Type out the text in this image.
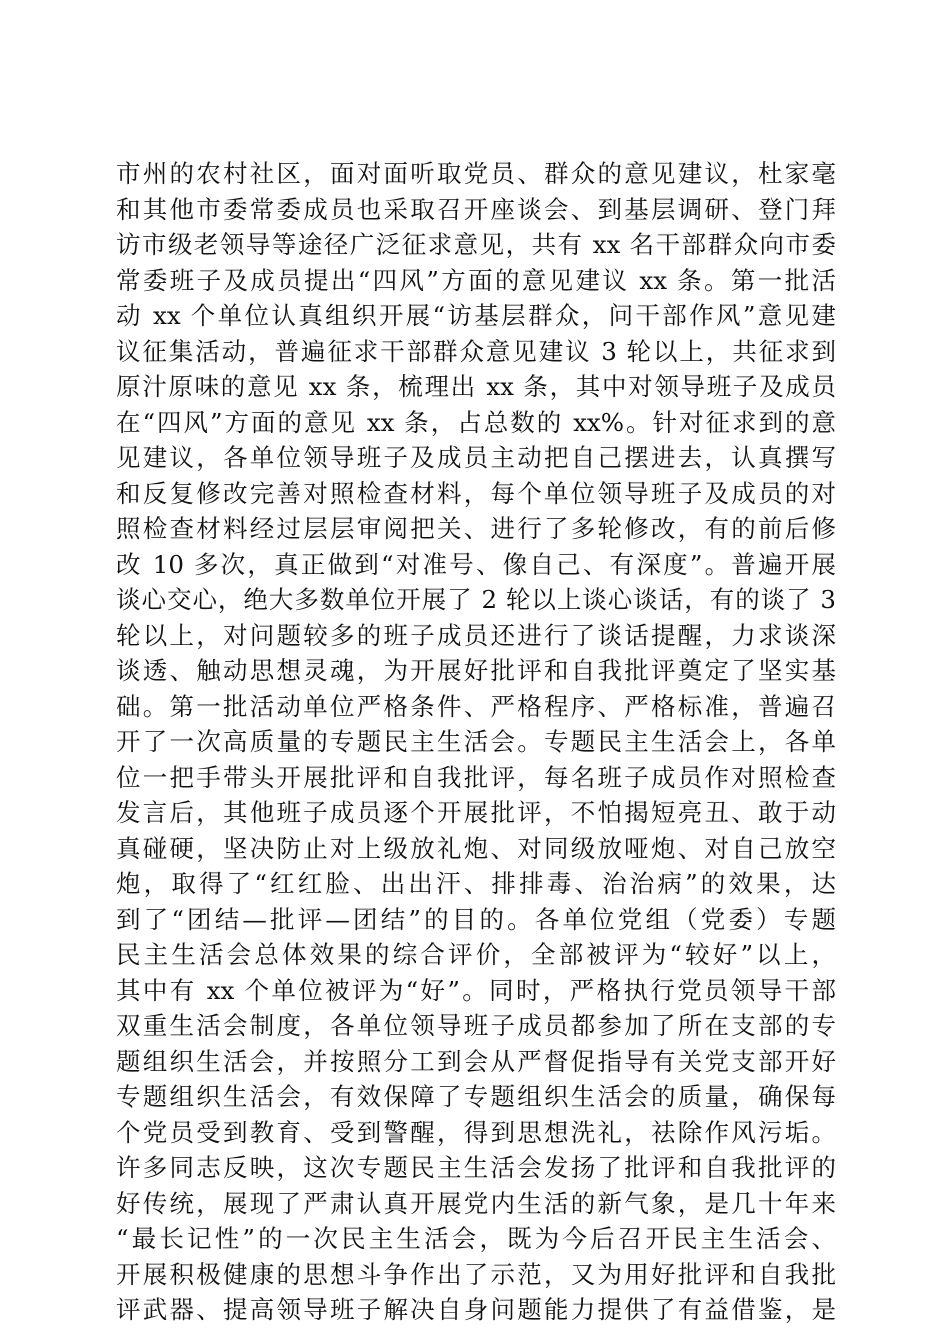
市州的农村社区，面对面听取党员、群众的意见建议，杜家毫
和其他市委常委成员也采取召开座谈会、到基层调研、登门拜
访市级老领导等途径广泛征求意见，共有 xx 名干部群众向市委
常委班子及成员提出“四风”方面的意见建议 xx 条。第一批活
动 xx 个单位认真组织开展“访基层群众，问干部作风”意见建
议征集活动，普遍征求干部群众意见建议 3 轮以上，共征求到
原汁原味的意见 xx 条，梳理出 xx 条，其中对领导班子及成员
在“四风”方面的意见 xx 条，占总数的 xx%。针对征求到的意
见建议，各单位领导班子及成员主动把自己摆进去，认真撰写
和反复修改完善对照检查材料，每个单位领导班子及成员的对
照检查材料经过层层审阅把关、进行了多轮修改，有的前后修
改 10 多次，真正做到“对准号、像自己、有深度”。普遍开展
谈心交心，绝大多数单位开展了 2 轮以上谈心谈话，有的谈了 3
轮以上，对问题较多的班子成员还进行了谈话提醒，力求谈深
谈透、触动思想灵魂，为开展好批评和自我批评奠定了坚实基
础。第一批活动单位严格条件、严格程序、严格标准，普遍召
开了一次高质量的专题民主生活会。专题民主生活会上，各单
位一把手带头开展批评和自我批评，每名班子成员作对照检查
发言后，其他班子成员逐个开展批评，不怕揭短亮丑、敢于动
真碰硬，坚决防止对上级放礼炮、对同级放哑炮、对自己放空
炮，取得了“红红脸、出出汗、排排毒、治治病”的效果，达
到了“团结—批评—团结”的目的。各单位党组（党委）专题
民主生活会总体效果的综合评价，全部被评为“较好”以上，
其中有 xx 个单位被评为“好”。同时，严格执行党员领导干部
双重生活会制度，各单位领导班子成员都参加了所在支部的专
题组织生活会，并按照分工到会从严督促指导有关党支部开好
专题组织生活会，有效保障了专题组织生活会的质量，确保每
个党员受到教育、受到警醒，得到思想洗礼，祛除作风污垢。
许多同志反映，这次专题民主生活会发扬了批评和自我批评的
好传统，展现了严肃认真开展党内生活的新气象，是几十年来
“最长记性”的一次民主生活会，既为今后召开民主生活会、
开展积极健康的思想斗争作出了示范，又为用好批评和自我批
评武器、提高领导班子解决自身问题能力提供了有益借鉴，是
